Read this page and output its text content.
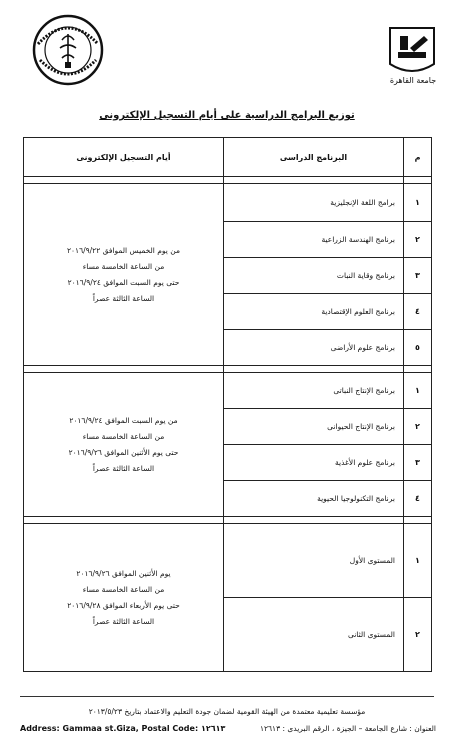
جامعة القاهرة
توزيع البرامج الدراسية على أيام التسجيل الإلكترونى
م	البرنامج الدراسى	أيام التسجيل الإلكترونى

١	برامج اللغة الإنجليزية	من يوم الخميس الموافق ٢٠١٦/٩/٢٢
من الساعة الخامسة مساء
حتى يوم السبت الموافق ٢٠١٦/٩/٢٤
الساعة الثالثة عصراً

٢	برنامج الهندسة الزراعية	
٣	برنامج وقاية النبات	
٤	برنامج العلوم الإقتصادية	
٥	برنامج علوم الأراضى	

١	برنامج الإنتاج النباتى	من يوم السبت الموافق ٢٠١٦/٩/٢٤
من الساعة الخامسة مساء
حتى يوم الأثنين الموافق ٢٠١٦/٩/٢٦
الساعة الثالثة عصراً

٢	برنامج الإنتاج الحيوانى	
٣	برنامج علوم الأغذية	
٤	برنامج التكنولوجيا الحيوية	

١	المستوى الأول	يوم الأثنين الموافق ٢٠١٦/٩/٢٦
من الساعة الخامسة مساء
حتى يوم الأربعاء الموافق ٢٠١٦/٩/٢٨
الساعة الثالثة عصراً

٢	المستوى الثانى	
مؤسسة تعليمية معتمدة من الهيئة القومية لضمان جودة التعليم والاعتماد بتاريخ ٢٠١٣/٥/٢٣
Address: Gammaa st.Giza, Postal Code: ١٢٦١٣	العنوان : شارع الجامعة – الجيزة ، الرقم البريدى : ١٢٦١٣
